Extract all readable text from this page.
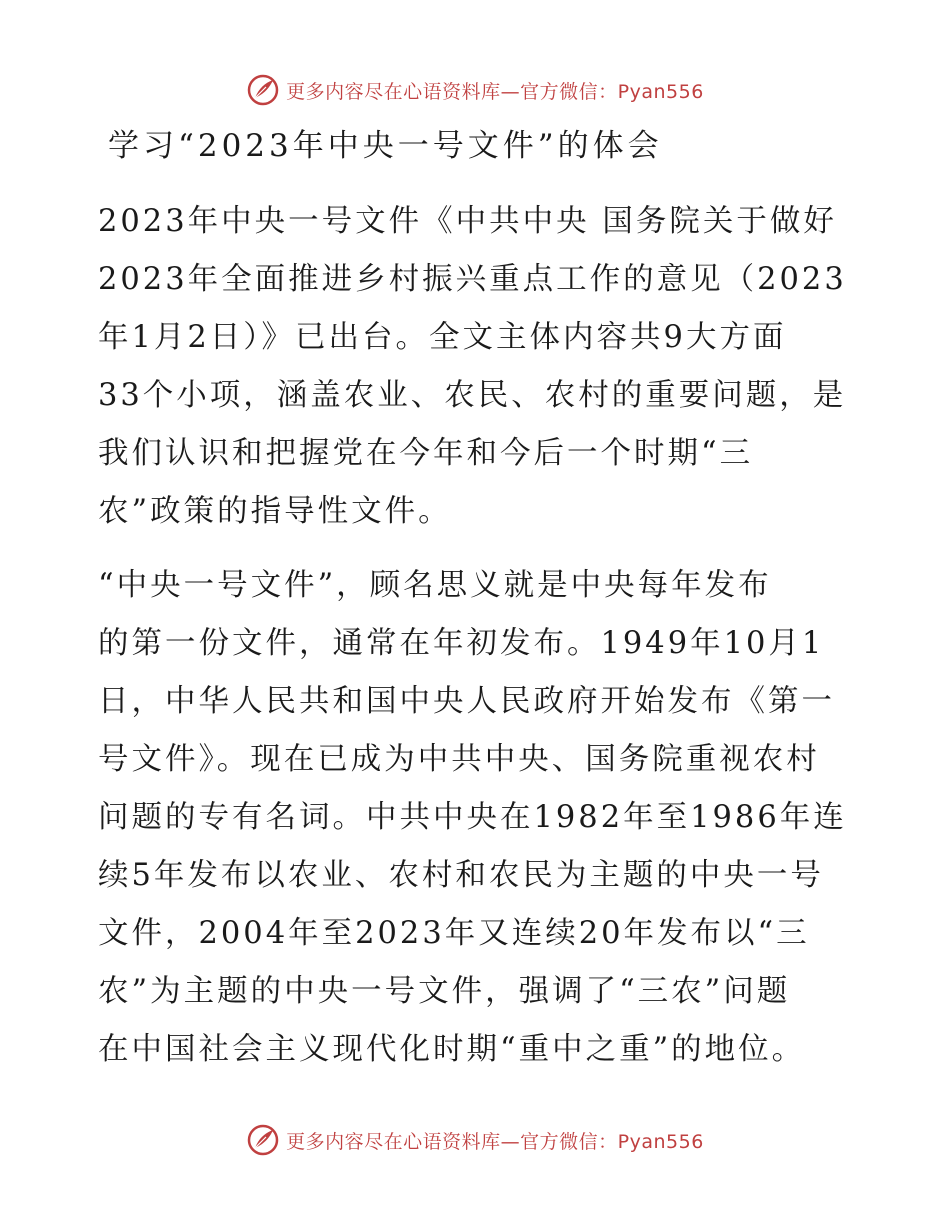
更多内容尽在心语资料库—官方微信：Pyan556
学习“2023年中央一号文件”的体会
2023年中央一号文件《中共中央 国务院关于做好
2023年全面推进乡村振兴重点工作的意见（2023
年1月2日）》已出台。全文主体内容共9大方面
33个小项，涵盖农业、农民、农村的重要问题，是
我们认识和把握党在今年和今后一个时期“三
农”政策的指导性文件。
“中央一号文件”，顾名思义就是中央每年发布
的第一份文件，通常在年初发布。1949年10月1
日，中华人民共和国中央人民政府开始发布《第一
号文件》。现在已成为中共中央、国务院重视农村
问题的专有名词。中共中央在1982年至1986年连
续5年发布以农业、农村和农民为主题的中央一号
文件，2004年至2023年又连续20年发布以“三
农”为主题的中央一号文件，强调了“三农”问题
在中国社会主义现代化时期“重中之重”的地位。
更多内容尽在心语资料库—官方微信：Pyan556
